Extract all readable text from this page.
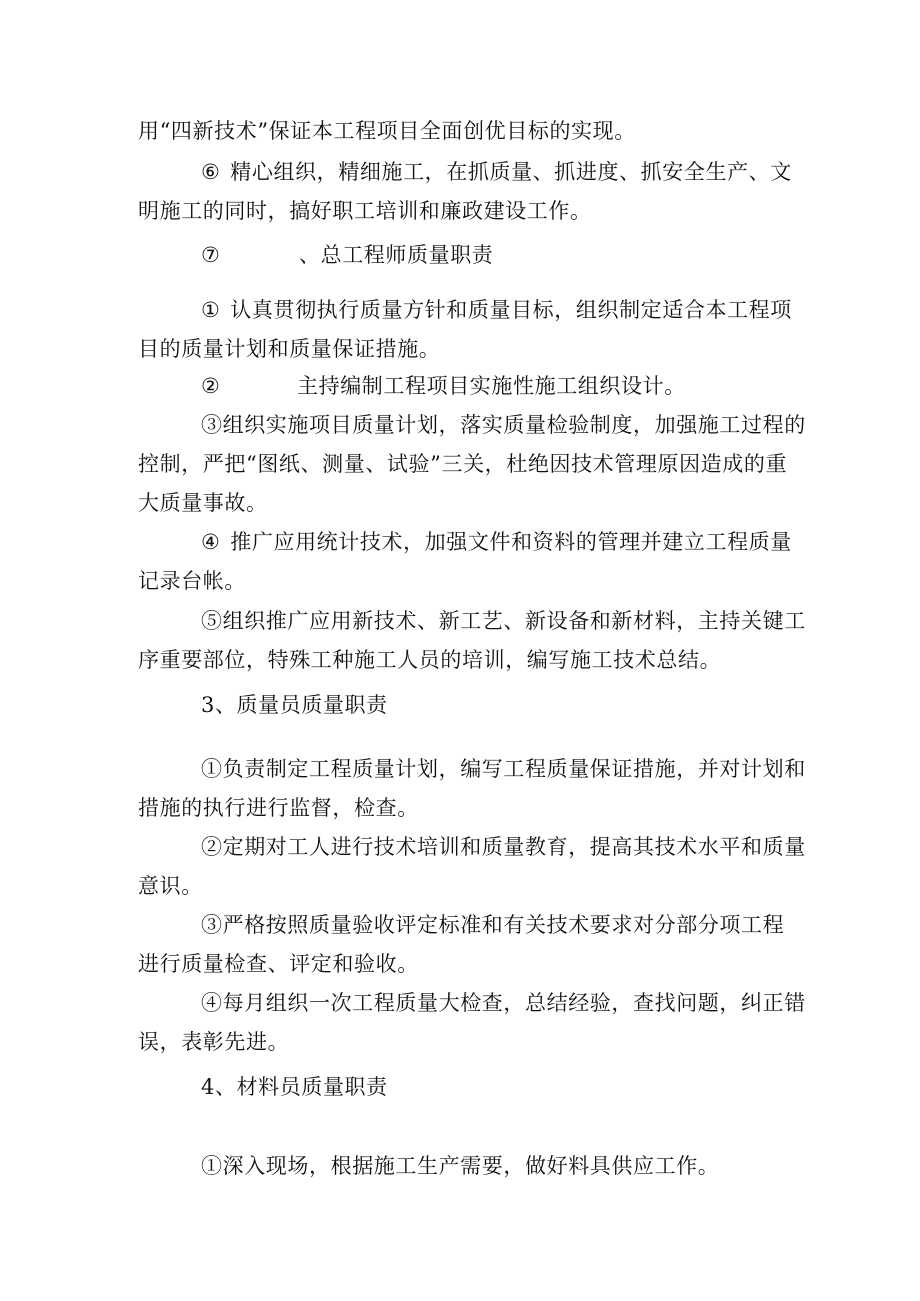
用“四新技术”保证本工程项目全面创优目标的实现。
⑥ 精心组织，精细施工，在抓质量、抓进度、抓安全生产、文
明施工的同时，搞好职工培训和廉政建设工作。
⑦	、总工程师质量职责
① 认真贯彻执行质量方针和质量目标，组织制定适合本工程项
目的质量计划和质量保证措施。
②	主持编制工程项目实施性施工组织设计。
③组织实施项目质量计划，落实质量检验制度，加强施工过程的
控制，严把“图纸、测量、试验”三关，杜绝因技术管理原因造成的重
大质量事故。
④ 推广应用统计技术，加强文件和资料的管理并建立工程质量
记录台帐。
⑤组织推广应用新技术、新工艺、新设备和新材料，主持关键工
序重要部位，特殊工种施工人员的培训，编写施工技术总结。
3、质量员质量职责
①负责制定工程质量计划，编写工程质量保证措施，并对计划和
措施的执行进行监督，检查。
②定期对工人进行技术培训和质量教育，提高其技术水平和质量
意识。
③严格按照质量验收评定标准和有关技术要求对分部分项工程
进行质量检查、评定和验收。
④每月组织一次工程质量大检查，总结经验，查找问题，纠正错
误，表彰先进。
4、材料员质量职责
①深入现场，根据施工生产需要，做好料具供应工作。
